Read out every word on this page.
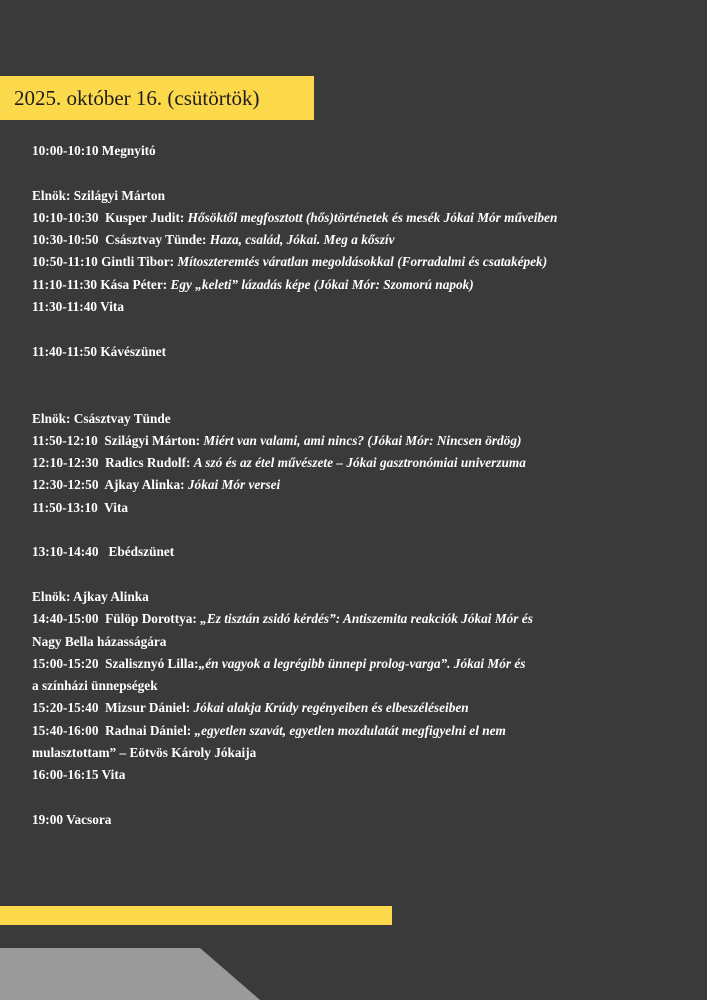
2025. október 16. (csütörtök)
10:00-10:10 Megnyitó
Elnök: Szilágyi Márton
10:10-10:30  Kusper Judit: Hősöktől megfosztott (hős)történetek és mesék Jókai Mór műveiben
10:30-10:50  Császtvay Tünde: Haza, család, Jókai. Meg a kőszív
10:50-11:10 Gintli Tibor: Mítoszteremtés váratlan megoldásokkal (Forradalmi és csataképek)
11:10-11:30 Kása Péter: Egy „keleti” lázadás képe (Jókai Mór: Szomorú napok)
11:30-11:40 Vita
11:40-11:50 Kávészünet
Elnök: Császtvay Tünde
11:50-12:10  Szilágyi Márton: Miért van valami, ami nincs? (Jókai Mór: Nincsen ördög)
12:10-12:30  Radics Rudolf: A szó és az étel művészete – Jókai gasztronómiai univerzuma
12:30-12:50  Ajkay Alinka: Jókai Mór versei
11:50-13:10  Vita
13:10-14:40   Ebédszünet
Elnök: Ajkay Alinka
14:40-15:00  Fülöp Dorottya: „Ez tisztán zsidó kérdés”: Antiszemita reakciók Jókai Mór és
Nagy Bella házasságára
15:00-15:20  Szalisznyó Lilla:„én vagyok a legrégibb ünnepi prolog-varga”. Jókai Mór és
a színházi ünnepségek
15:20-15:40  Mizsur Dániel: Jókai alakja Krúdy regényeiben és elbeszéléseiben
15:40-16:00  Radnai Dániel: „egyetlen szavát, egyetlen mozdulatát megfigyelni el nem
mulasztottam” – Eötvös Károly Jókaija
16:00-16:15 Vita
19:00 Vacsora
